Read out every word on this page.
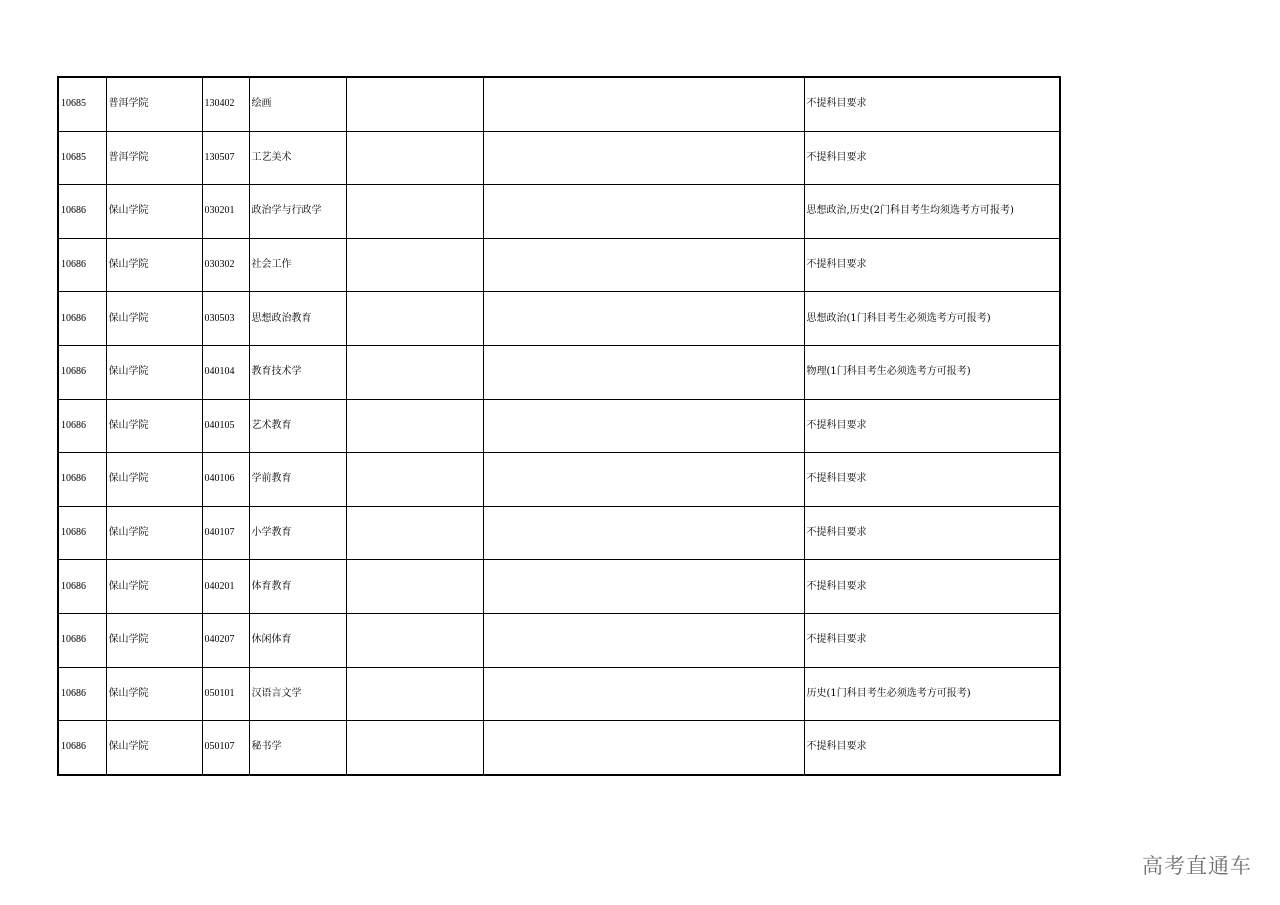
10685	普洱学院	130402	绘画			不提科目要求
10685	普洱学院	130507	工艺美术			不提科目要求
10686	保山学院	030201	政治学与行政学			思想政治,历史(2门科目考生均须选考方可报考)
10686	保山学院	030302	社会工作			不提科目要求
10686	保山学院	030503	思想政治教育			思想政治(1门科目考生必须选考方可报考)
10686	保山学院	040104	教育技术学			物理(1门科目考生必须选考方可报考)
10686	保山学院	040105	艺术教育			不提科目要求
10686	保山学院	040106	学前教育			不提科目要求
10686	保山学院	040107	小学教育			不提科目要求
10686	保山学院	040201	体育教育			不提科目要求
10686	保山学院	040207	休闲体育			不提科目要求
10686	保山学院	050101	汉语言文学			历史(1门科目考生必须选考方可报考)
10686	保山学院	050107	秘书学			不提科目要求
高考直通车
